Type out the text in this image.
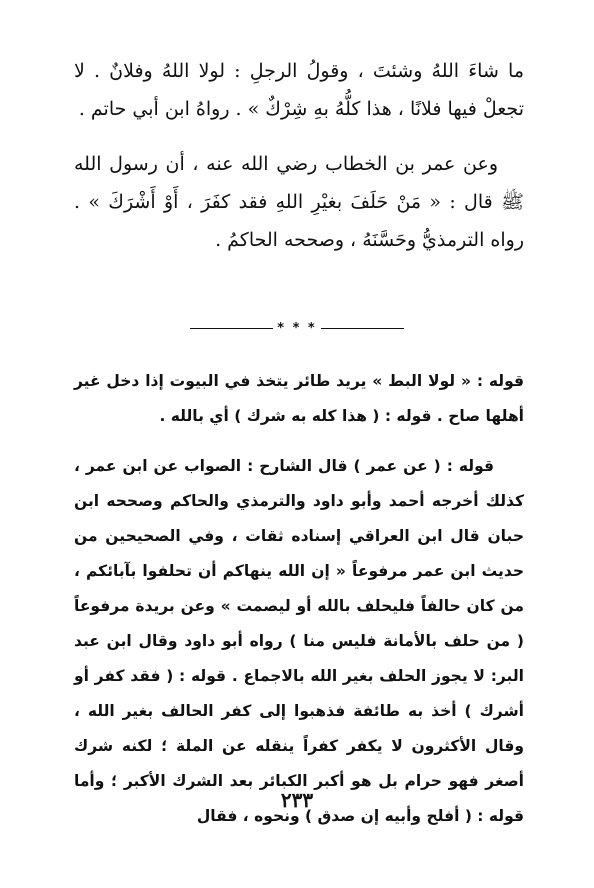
ما شاءَ اللهُ وشئتَ ، وقولُ الرجلِ : لولا اللهُ وفلانٌ . لا تجعلْ فيها فلانًا ، هذا كلُّهُ بهِ شِرْكٌ » . رواهُ ابن أبي حاتم .

وعن عمر بن الخطاب رضي الله عنه ، أن رسول الله ﷺ قال : « مَنْ حَلَفَ بغيْرِ اللهِ فقد كفَرَ ، أَوْ أَشْرَكَ » . رواه الترمذيُّ وحَسَّنَهُ ، وصححه الحاكمُ .

* * *

قوله : « لولا البط » يريد طائر يتخذ في البيوت إذا دخل غير أهلها صاح . قوله : ( هذا كله به شرك ) أي بالله .

قوله : ( عن عمر ) قال الشارح : الصواب عن ابن عمر ، كذلك أخرجه أحمد وأبو داود والترمذي والحاكم وصححه ابن حبان قال ابن العراقي إسناده ثقات ، وفي الصحيحين من حديث ابن عمر مرفوعاً « إن الله ينهاكم أن تحلفوا بآبائكم ، من كان حالفاً فليحلف بالله أو ليصمت » وعن بريدة مرفوعاً ( من حلف بالأمانة فليس منا ) رواه أبو داود وقال ابن عبد البر: لا يجوز الحلف بغير الله بالاجماع . قوله : ( فقد كفر أو أشرك ) أخذ به طائفة فذهبوا إلى كفر الحالف بغير الله ، وقال الأكثرون لا يكفر كفراً ينقله عن الملة ؛ لكنه شرك أصغر فهو حرام بل هو أكبر الكبائر بعد الشرك الأكبر ؛ وأما قوله : ( أفلح وأبيه إن صدق ) ونحوه ، فقال

٢٣٣
